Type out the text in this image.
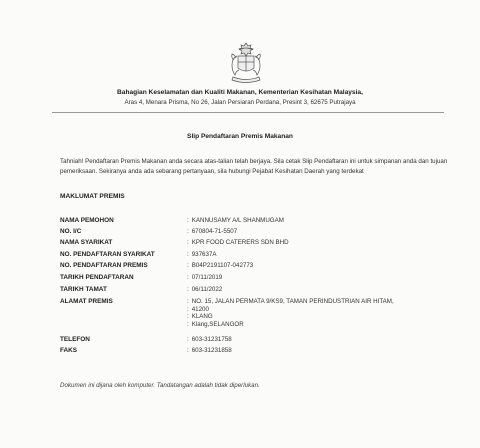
Bahagian Keselamatan dan Kualiti Makanan, Kementerian Kesihatan Malaysia,
Aras 4, Menara Prisma, No 26, Jalan Persiaran Perdana, Presint 3, 62675 Putrajaya
Slip Pendaftaran Premis Makanan
Tahniah! Pendaftaran Premis Makanan anda secara atas-talian telah berjaya. Sila cetak Slip Pendaftaran ini untuk simpanan anda dan tujuan pemeriksaan. Sekiranya anda ada sebarang pertanyaan, sila hubungi Pejabat Kesihatan Daerah yang terdekat
MAKLUMAT PREMIS
NAMA PEMOHON	: KANNUSAMY A/L SHANMUGAM
NO. I/C	: 670804-71-5507
NAMA SYARIKAT	: KPR FOOD CATERERS SDN BHD
NO. PENDAFTARAN SYARIKAT	: 937637A
NO. PENDAFTARAN PREMIS	: B04P2191107-042773
TARIKH PENDAFTARAN	: 07/11/2019
TARIKH TAMAT	: 06/11/2022
ALAMAT PREMIS	: NO. 15, JALAN PERMATA 9/KS9, TAMAN PERINDUSTRIAN AIR HITAM,
: 41200
: KLANG
: Klang,SELANGOR
TELEFON	: 603-31231758
FAKS	: 603-31231858
Dokumen ini dijana oleh komputer. Tandatangan adalah tidak diperlukan.
